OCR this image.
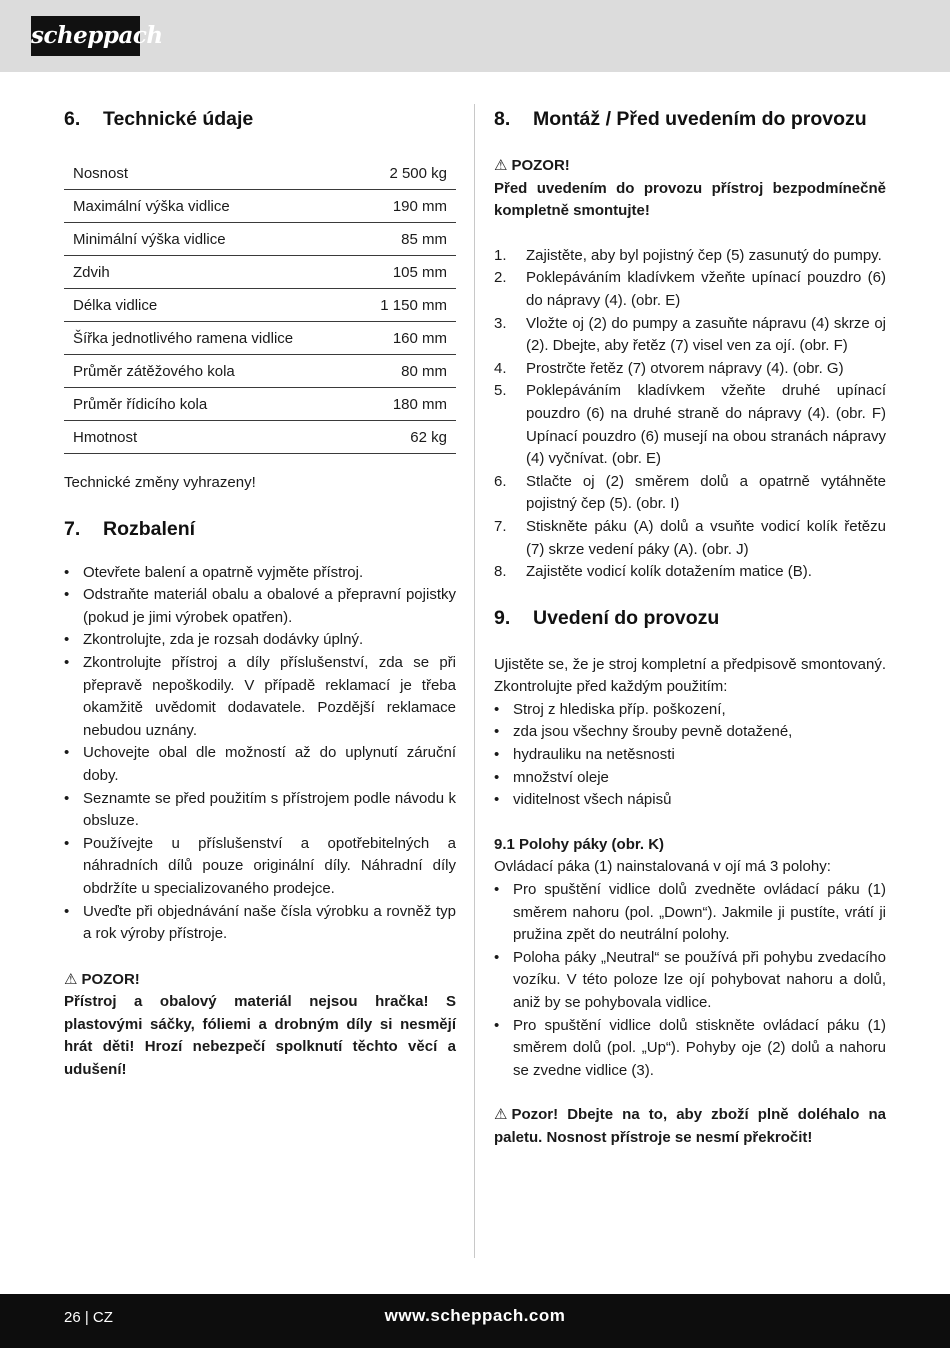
scheppach
6.	Technické údaje
Nosnost	2 500 kg
Maximální výška vidlice	190 mm
Minimální výška vidlice	85 mm
Zdvih	105 mm
Délka vidlice	1 150 mm
Šířka jednotlivého ramena vidlice	160 mm
Průměr zátěžového kola	80 mm
Průměr řídicího kola	180 mm
Hmotnost	62 kg

Technické změny vyhrazeny!

7.	Rozbalení
• Otevřete balení a opatrně vyjměte přístroj.
• Odstraňte materiál obalu a obalové a přepravní pojistky (pokud je jimi výrobek opatřen).
• Zkontrolujte, zda je rozsah dodávky úplný.
• Zkontrolujte přístroj a díly příslušenství, zda se při přepravě nepoškodily. V případě reklamací je třeba okamžitě uvědomit dodavatele. Pozdější reklamace nebudou uznány.
• Uchovejte obal dle možností až do uplynutí záruční doby.
• Seznamte se před použitím s přístrojem podle návodu k obsluze.
• Používejte u příslušenství a opotřebitelných a náhradních dílů pouze originální díly. Náhradní díly obdržíte u specializovaného prodejce.
• Uveďte při objednávání naše čísla výrobku a rovněž typ a rok výroby přístroje.

⚠ POZOR!

Přístroj a obalový materiál nejsou hračka! S plastovými sáčky, fóliemi a drobným díly si nesmějí hrát děti! Hrozí nebezpečí spolknutí těchto věcí a udušení!

8.	Montáž / Před uvedením do provozu

⚠ POZOR!

Před uvedením do provozu přístroj bezpodmínečně kompletně smontujte!

1. Zajistěte, aby byl pojistný čep (5) zasunutý do pumpy.
2. Poklepáváním kladívkem vžeňte upínací pouzdro (6) do nápravy (4). (obr. E)
3. Vložte oj (2) do pumpy a zasuňte nápravu (4) skrze oj (2). Dbejte, aby řetěz (7) visel ven za ojí. (obr. F)
4. Prostrčte řetěz (7) otvorem nápravy (4). (obr. G)
5. Poklepáváním kladívkem vžeňte druhé upínací pouzdro (6) na druhé straně do nápravy (4). (obr. F) Upínací pouzdro (6) musejí na obou stranách nápravy (4) vyčnívat. (obr. E)
6. Stlačte oj (2) směrem dolů a opatrně vytáhněte pojistný čep (5). (obr. I)
7. Stiskněte páku (A) dolů a vsuňte vodicí kolík řetězu (7) skrze vedení páky (A). (obr. J)
8. Zajistěte vodicí kolík dotažením matice (B).
9.	Uvedení do provozu

Ujistěte se, že je stroj kompletní a předpisově smontovaný. Zkontrolujte před každým použitím:

• Stroj z hlediska příp. poškození,
• zda jsou všechny šrouby pevně dotažené,
• hydrauliku na netěsnosti
• množství oleje
• viditelnost všech nápisů

9.1 Polohy páky (obr. K)

Ovládací páka (1) nainstalovaná v ojí má 3 polohy:

• Pro spuštění vidlice dolů zvedněte ovládací páku (1) směrem nahoru (pol. „Down“). Jakmile ji pustíte, vrátí ji pružina zpět do neutrální polohy.
• Poloha páky „Neutral“ se používá při pohybu zvedacího vozíku. V této poloze lze ojí pohybovat nahoru a dolů, aniž by se pohybovala vidlice.
• Pro spuštění vidlice dolů stiskněte ovládací páku (1) směrem dolů (pol. „Up“). Pohyby oje (2) dolů a nahoru se zvedne vidlice (3).

⚠ Pozor! Dbejte na to, aby zboží plně doléhalo na paletu. Nosnost přístroje se nesmí překročit!

26 | CZ	www.scheppach.com
